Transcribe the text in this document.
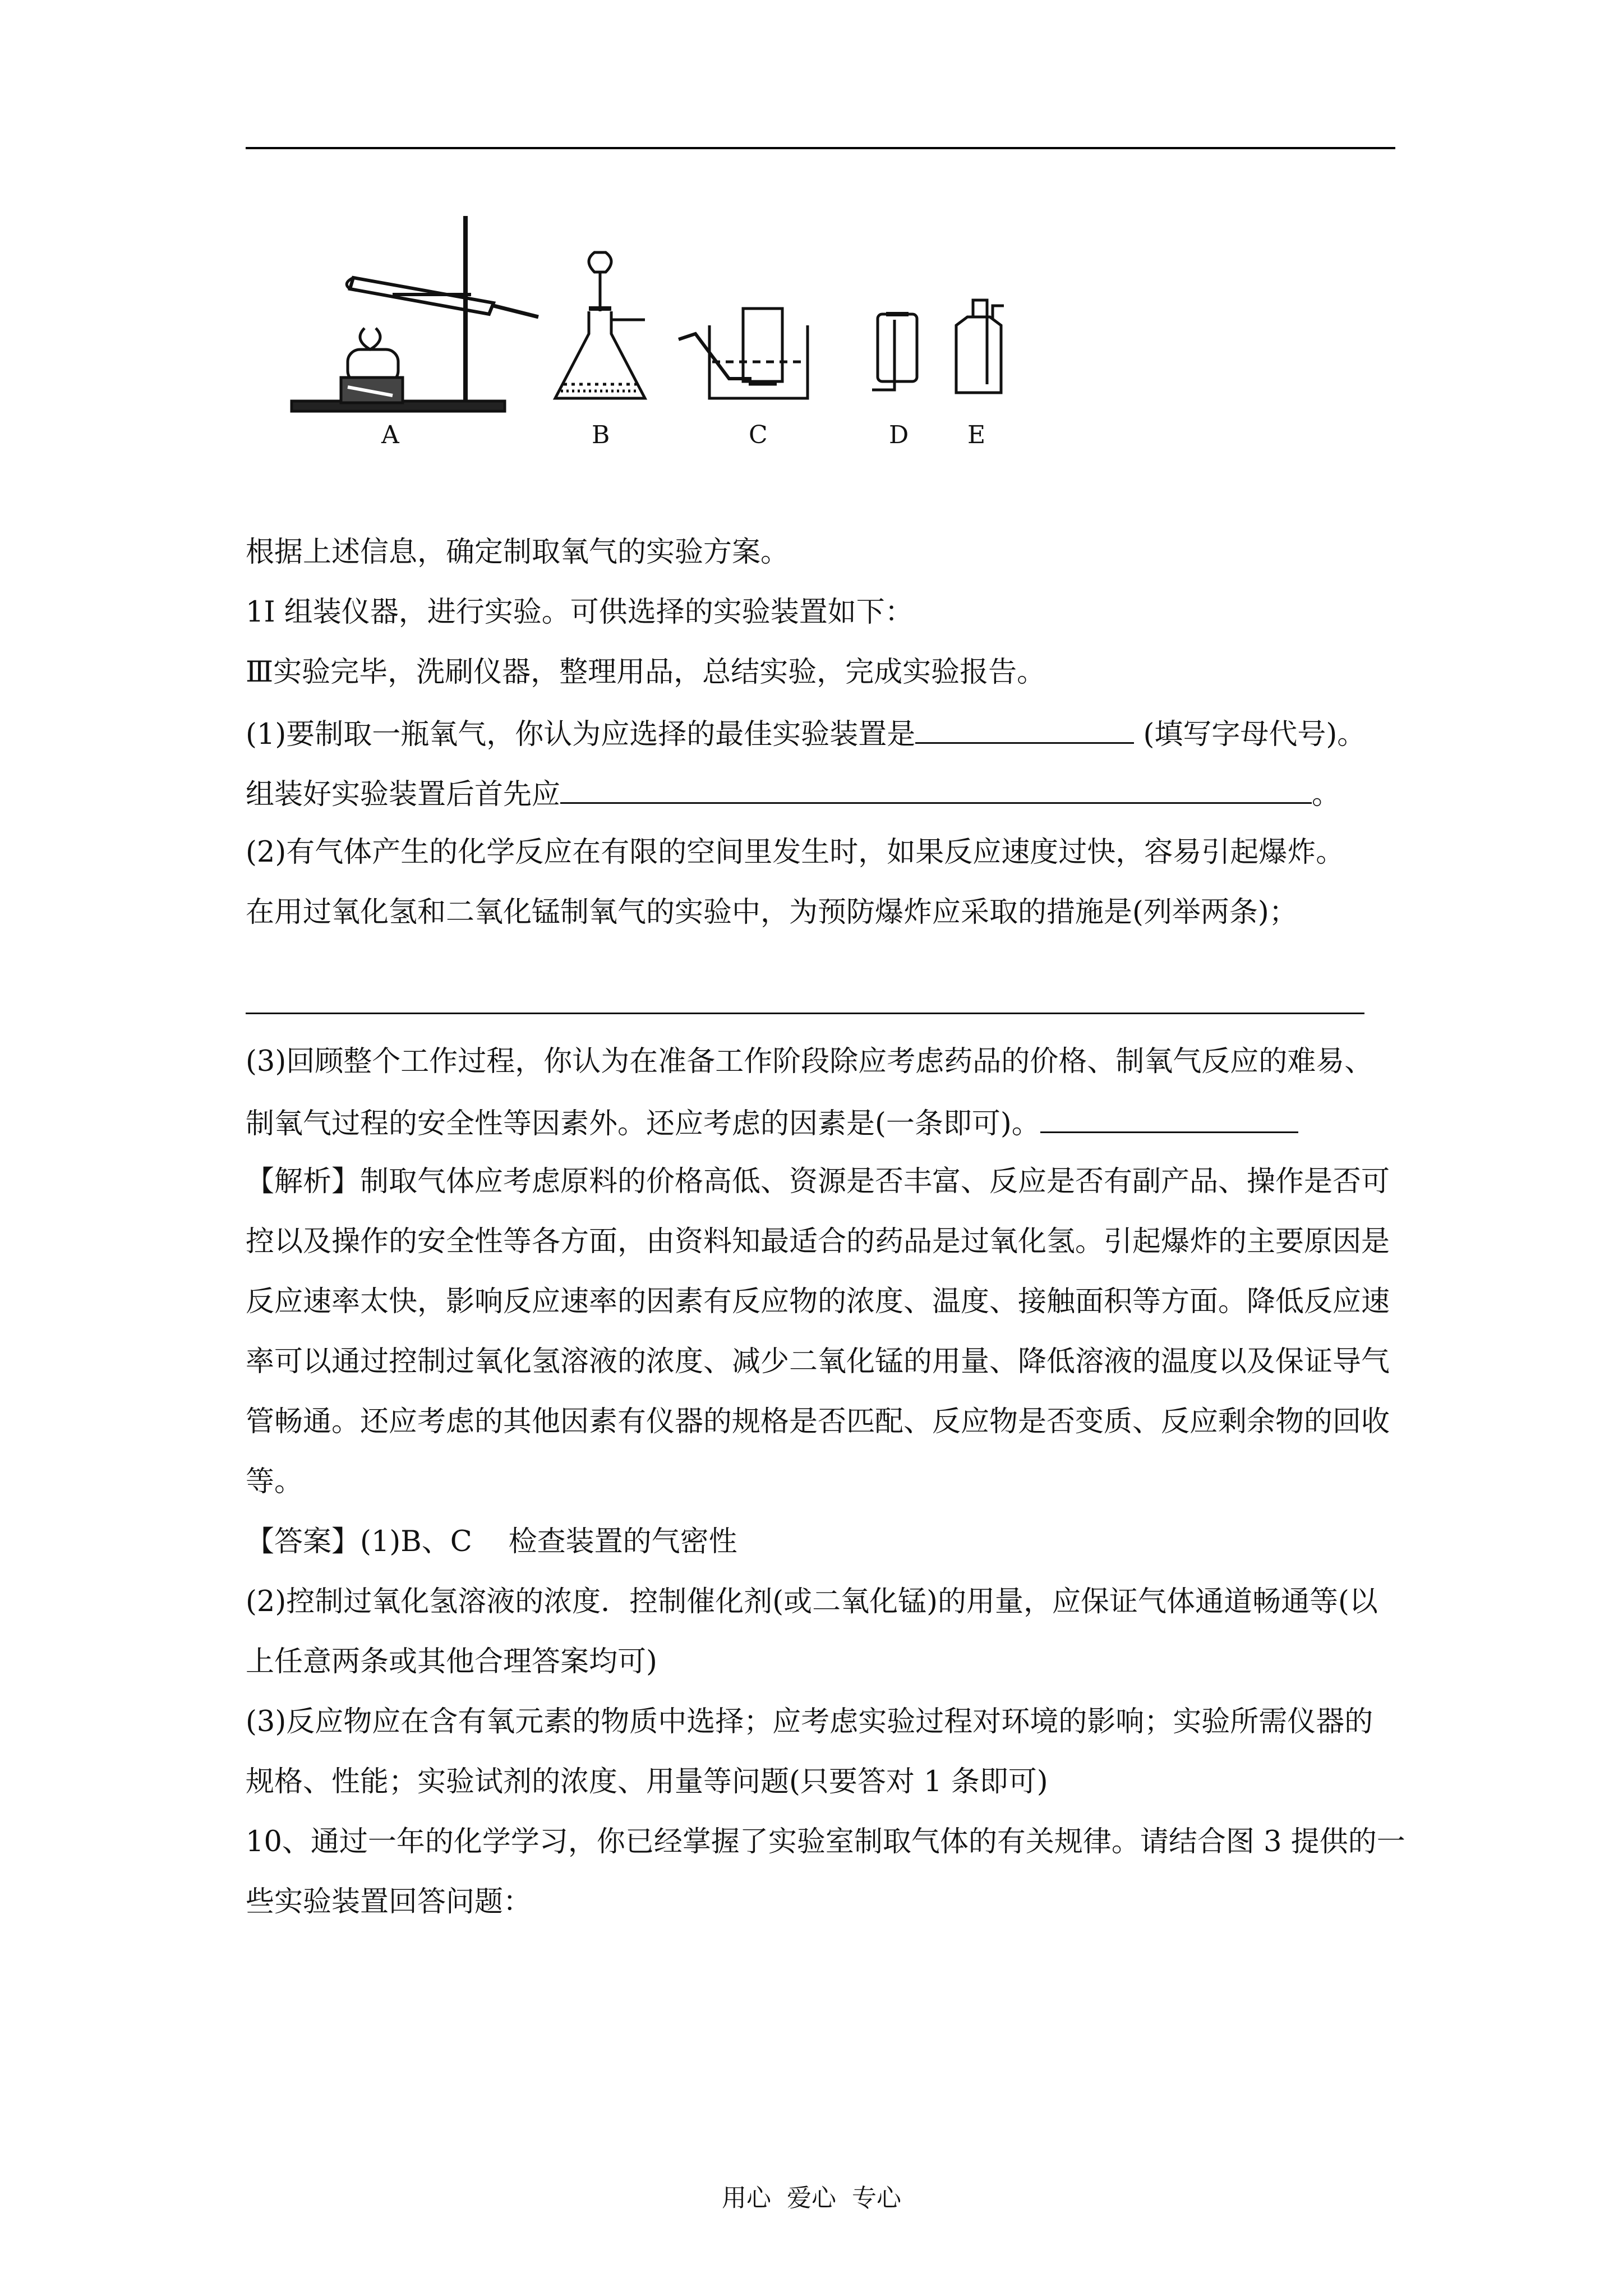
A	B	C	D E
根据上述信息，确定制取氧气的实验方案。
1I 组装仪器，进行实验。可供选择的实验装置如下：
Ⅲ实验完毕，洗刷仪器，整理用品，总结实验，完成实验报告。
(1)要制取一瓶氧气，你认为应选择的最佳实验装置是	(填写字母代号)。
组装好实验装置后首先应	。
(2)有气体产生的化学反应在有限的空间里发生时，如果反应速度过快，容易引起爆炸。
在用过氧化氢和二氧化锰制氧气的实验中，为预防爆炸应采取的措施是(列举两条)；
(3)回顾整个工作过程，你认为在准备工作阶段除应考虑药品的价格、制氧气反应的难易、
制氧气过程的安全性等因素外。还应考虑的因素是(一条即可)。
【解析】制取气体应考虑原料的价格高低、资源是否丰富、反应是否有副产品、操作是否可
控以及操作的安全性等各方面，由资料知最适合的药品是过氧化氢。引起爆炸的主要原因是
反应速率太快，影响反应速率的因素有反应物的浓度、温度、接触面积等方面。降低反应速
率可以通过控制过氧化氢溶液的浓度、减少二氧化锰的用量、降低溶液的温度以及保证导气
管畅通。还应考虑的其他因素有仪器的规格是否匹配、反应物是否变质、反应剩余物的回收
等。
【答案】(1)B、C    检查装置的气密性
(2)控制过氧化氢溶液的浓度．控制催化剂(或二氧化锰)的用量，应保证气体通道畅通等(以
上任意两条或其他合理答案均可)
(3)反应物应在含有氧元素的物质中选择；应考虑实验过程对环境的影响；实验所需仪器的
规格、性能；实验试剂的浓度、用量等问题(只要答对 1 条即可)
10、通过一年的化学学习，你已经掌握了实验室制取气体的有关规律。请结合图 3 提供的一
些实验装置回答问题：
用心  爱心  专心
